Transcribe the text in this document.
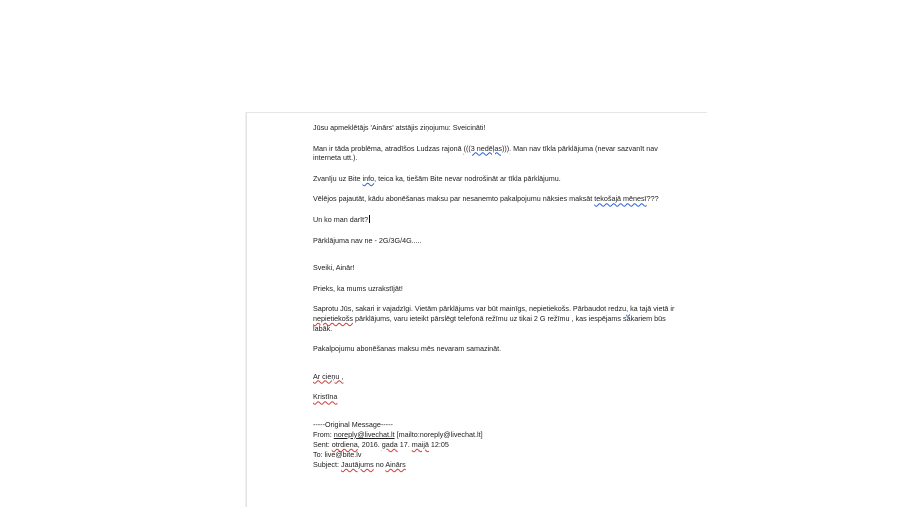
Jūsu apmeklētājs 'Ainārs' atstājis ziņojumu: Sveicināti!

Man ir tāda problēma, atradīšos Ludzas rajonā (((3 nedēļas))). Man nav tīkla pārklājuma (nevar sazvanīt nav interneta utt.).

Zvanīju uz Bite info, teica ka, tiešām Bite nevar nodrošināt ar tīkla pārklājumu.

Vēlējos pajautāt, kādu abonēšanas maksu par nesanemto pakalpojumu nāksies maksāt tekošajā mēnesī???

Un ko man darīt?

Pārklājuma nav ne - 2G/3G/4G.....

Sveiki, Ainār!

Prieks, ka mums uzrakstījāt!

Saprotu Jūs, sakari ir vajadzīgi. Vietām pārklājums var būt mainīgs, nepietiekošs. Pārbaudot redzu, ka tajā vietā ir nepietiekošs pārklājums, varu ieteikt pārslēgt telefonā režīmu uz tikai 2 G režīmu , kas iespējams sakariem būs labāk.

Pakalpojumu abonēšanas maksu mēs nevaram samazināt.

Ar cieņu ,

Kristīna

-----Original Message-----

From: noreply@livechat.lt [mailto:noreply@livechat.lt]

Sent: otrdiena, 2016. gada 17. maijā 12:05

To: live@bite.lv

Subject: Jautājums no Ainārs
